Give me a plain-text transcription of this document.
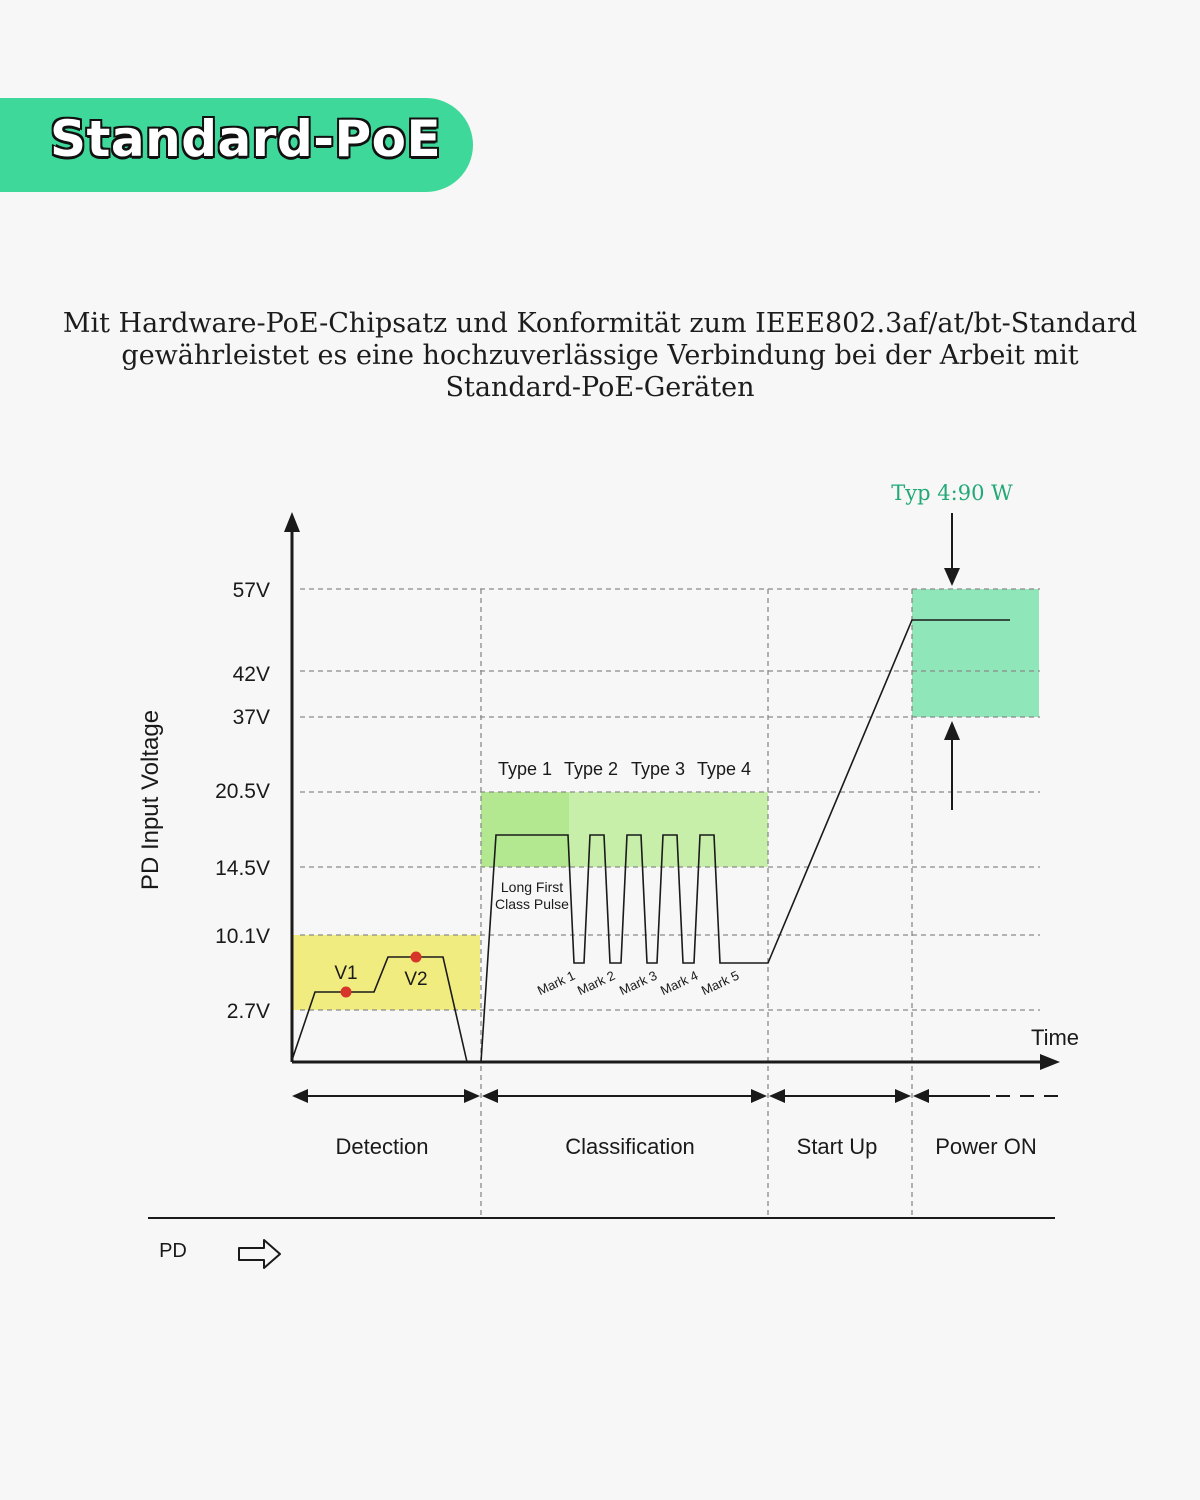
Standard-PoE
Mit Hardware-PoE-Chipsatz und Konformität zum IEEE802.3af/at/bt-Standard
gewährleistet es eine hochzuverlässige Verbindung bei der Arbeit mit
Standard-PoE-Geräten
PD Input Voltage
Time
57V
42V
37V
20.5V
14.5V
10.1V
2.7V
V1 V2
Type 1 Type 2 Type 3 Type 4
Long First
Class Pulse
Mark 1
Mark 2 Mark 3
Mark 4
Mark 5
Typ 4:90 W
Detection	Classification	Start Up	Power ON
PD
